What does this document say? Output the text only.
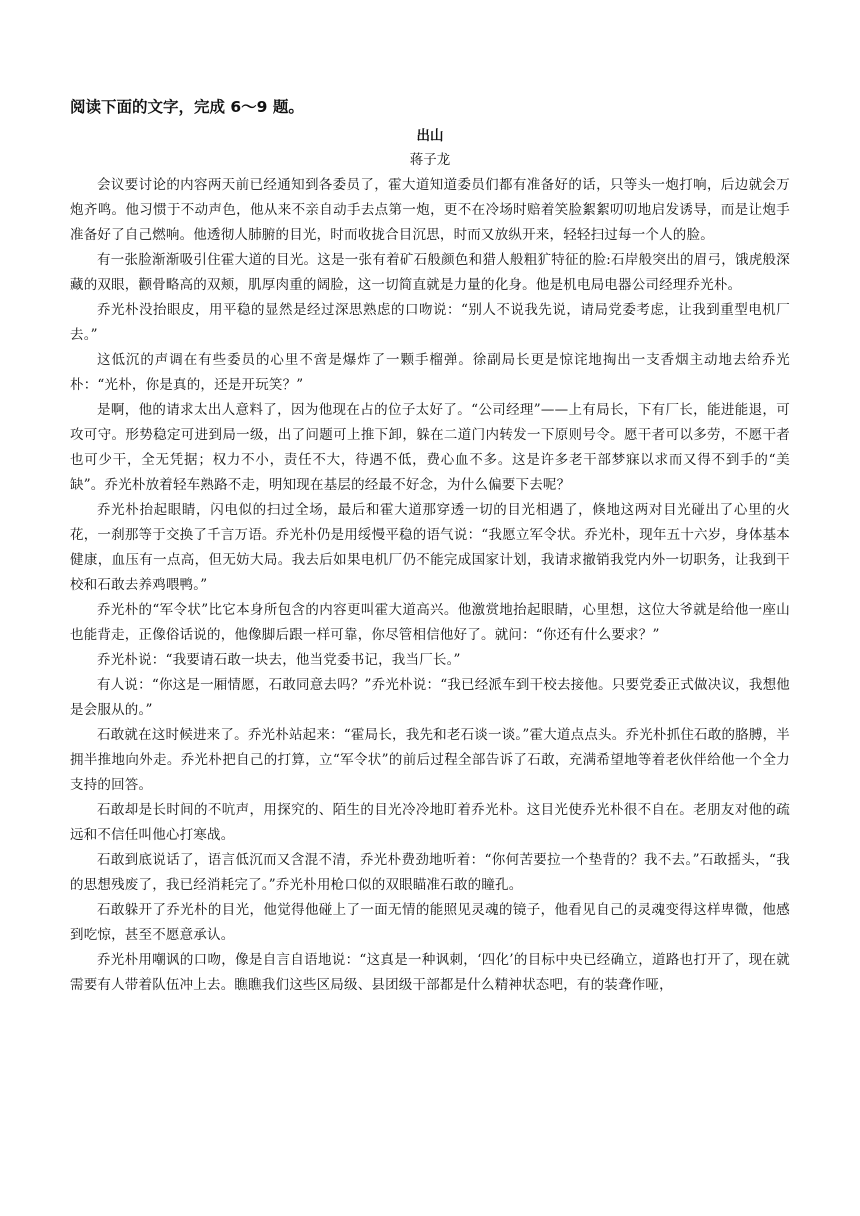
阅读下面的文字，完成 6～9 题。

出山

蒋子龙

会议要讨论的内容两天前已经通知到各委员了，霍大道知道委员们都有准备好的话，只等头一炮打响，后边就会万炮齐鸣。他习惯于不动声色，他从来不亲自动手去点第一炮，更不在冷场时赔着笑脸絮絮叨叨地启发诱导，而是让炮手准备好了自己燃响。他透彻人肺腑的目光，时而收拢合目沉思，时而又放纵开来，轻轻扫过每一个人的脸。

有一张脸渐渐吸引住霍大道的目光。这是一张有着矿石般颜色和猎人般粗犷特征的脸:石岸般突出的眉弓，饿虎般深藏的双眼，颧骨略高的双颊，肌厚肉重的阔脸，这一切简直就是力量的化身。他是机电局电器公司经理乔光朴。

乔光朴没抬眼皮，用平稳的显然是经过深思熟虑的口吻说：“别人不说我先说，请局党委考虑，让我到重型电机厂去。”

这低沉的声调在有些委员的心里不啻是爆炸了一颗手榴弹。徐副局长更是惊诧地掏出一支香烟主动地去给乔光朴：“光朴，你是真的，还是开玩笑？”

是啊，他的请求太出人意料了，因为他现在占的位子太好了。“公司经理”——上有局长，下有厂长，能进能退，可攻可守。形势稳定可进到局一级，出了问题可上推下卸，躲在二道门内转发一下原则号令。愿干者可以多劳，不愿干者也可少干，全无凭据；权力不小，责任不大，待遇不低，费心血不多。这是许多老干部梦寐以求而又得不到手的“美缺”。乔光朴放着轻车熟路不走，明知现在基层的经最不好念，为什么偏要下去呢？

乔光朴抬起眼睛，闪电似的扫过全场，最后和霍大道那穿透一切的目光相遇了，倏地这两对目光碰出了心里的火花，一刹那等于交换了千言万语。乔光朴仍是用绥慢平稳的语气说：“我愿立军令状。乔光朴，现年五十六岁，身体基本健康，血压有一点高，但无妨大局。我去后如果电机厂仍不能完成国家计划，我请求撤销我党内外一切职务，让我到干校和石敢去养鸡喂鸭。”

乔光朴的“军令状”比它本身所包含的内容更叫霍大道高兴。他激赏地抬起眼睛，心里想，这位大爷就是给他一座山也能背走，正像俗话说的，他像脚后跟一样可靠，你尽管相信他好了。就问：“你还有什么要求？”

乔光朴说：“我要请石敢一块去，他当党委书记，我当厂长。”

有人说：“你这是一厢情愿，石敢同意去吗？”乔光朴说：“我已经派车到干校去接他。只要党委正式做决议，我想他是会服从的。”

石敢就在这时候进来了。乔光朴站起来：“霍局长，我先和老石谈一谈。”霍大道点点头。乔光朴抓住石敢的胳膊，半拥半推地向外走。乔光朴把自己的打算，立“军令状”的前后过程全部告诉了石敢，充满希望地等着老伙伴给他一个全力支持的回答。

石敢却是长时间的不吭声，用探究的、陌生的目光冷冷地盯着乔光朴。这目光使乔光朴很不自在。老朋友对他的疏远和不信任叫他心打寒战。

石敢到底说话了，语言低沉而又含混不清，乔光朴费劲地听着：“你何苦要拉一个垫背的？我不去。”石敢摇头，“我的思想残废了，我已经消耗完了。”乔光朴用枪口似的双眼瞄准石敢的瞳孔。

石敢躲开了乔光朴的目光，他觉得他碰上了一面无情的能照见灵魂的镜子，他看见自己的灵魂变得这样卑微，他感到吃惊，甚至不愿意承认。

乔光朴用嘲讽的口吻，像是自言自语地说：“这真是一种讽刺，‘四化’的目标中央已经确立，道路也打开了，现在就需要有人带着队伍冲上去。瞧瞧我们这些区局级、县团级干部都是什么精神状态吧，有的装聋作哑，
